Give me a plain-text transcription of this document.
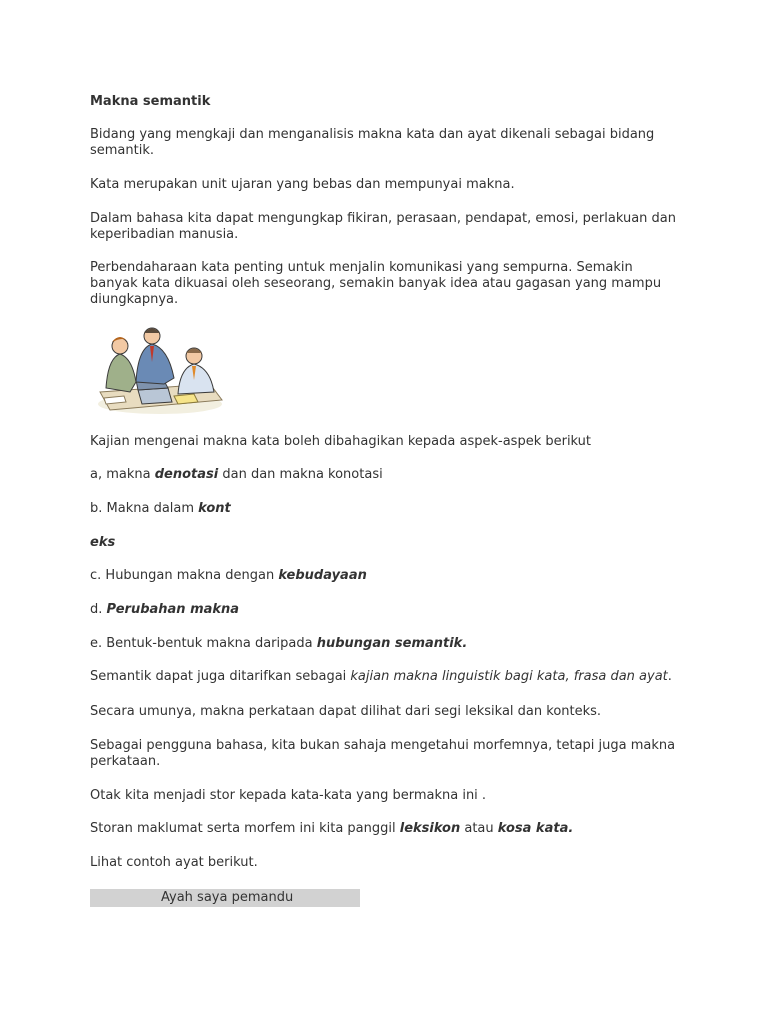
Makna semantik
Bidang yang mengkaji dan menganalisis makna kata dan ayat dikenali sebagai bidang semantik.
Kata merupakan unit ujaran yang bebas dan mempunyai makna.
Dalam bahasa kita dapat mengungkap fikiran, perasaan, pendapat, emosi, perlakuan dan keperibadian manusia.
Perbendaharaan kata penting untuk menjalin komunikasi yang sempurna. Semakin banyak kata dikuasai oleh seseorang, semakin banyak idea atau gagasan yang mampu diungkapnya.
Kajian mengenai makna kata boleh dibahagikan kepada aspek-aspek berikut
a, makna denotasi dan dan makna konotasi
b. Makna dalam kont
eks
c. Hubungan makna dengan kebudayaan
d. Perubahan makna
e. Bentuk-bentuk makna daripada hubungan semantik.
Semantik dapat juga ditarifkan sebagai kajian makna linguistik bagi kata, frasa dan ayat.
Secara umunya, makna perkataan dapat dilihat dari segi leksikal dan konteks.
Sebagai pengguna bahasa, kita bukan sahaja mengetahui morfemnya, tetapi juga makna perkataan.
Otak kita menjadi stor kepada kata-kata yang bermakna ini .
Storan maklumat serta morfem ini kita panggil leksikon atau kosa kata.
Lihat contoh ayat berikut.
Ayah saya pemandu
